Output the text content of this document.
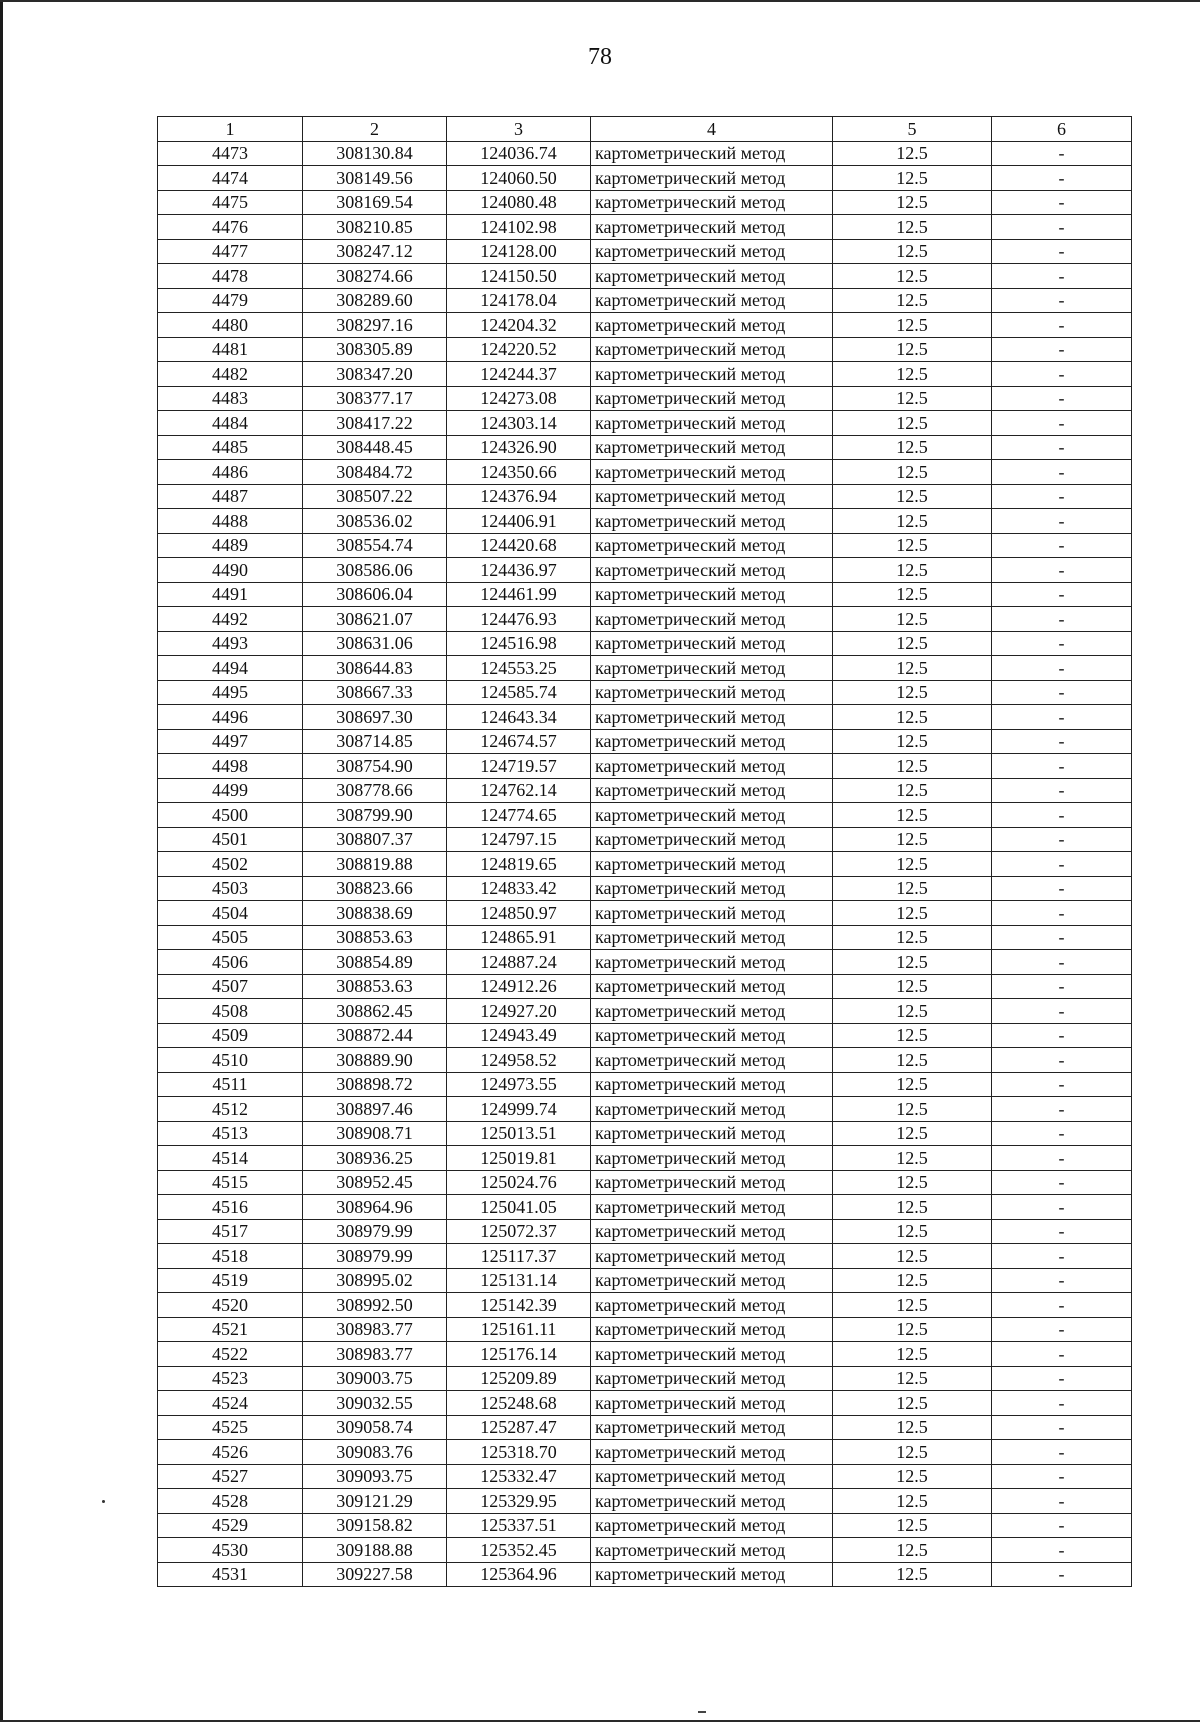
78
1	2	3	4	5	6
4473	308130.84	124036.74	картометрический метод	12.5	-
4474	308149.56	124060.50	картометрический метод	12.5	-
4475	308169.54	124080.48	картометрический метод	12.5	-
4476	308210.85	124102.98	картометрический метод	12.5	-
4477	308247.12	124128.00	картометрический метод	12.5	-
4478	308274.66	124150.50	картометрический метод	12.5	-
4479	308289.60	124178.04	картометрический метод	12.5	-
4480	308297.16	124204.32	картометрический метод	12.5	-
4481	308305.89	124220.52	картометрический метод	12.5	-
4482	308347.20	124244.37	картометрический метод	12.5	-
4483	308377.17	124273.08	картометрический метод	12.5	-
4484	308417.22	124303.14	картометрический метод	12.5	-
4485	308448.45	124326.90	картометрический метод	12.5	-
4486	308484.72	124350.66	картометрический метод	12.5	-
4487	308507.22	124376.94	картометрический метод	12.5	-
4488	308536.02	124406.91	картометрический метод	12.5	-
4489	308554.74	124420.68	картометрический метод	12.5	-
4490	308586.06	124436.97	картометрический метод	12.5	-
4491	308606.04	124461.99	картометрический метод	12.5	-
4492	308621.07	124476.93	картометрический метод	12.5	-
4493	308631.06	124516.98	картометрический метод	12.5	-
4494	308644.83	124553.25	картометрический метод	12.5	-
4495	308667.33	124585.74	картометрический метод	12.5	-
4496	308697.30	124643.34	картометрический метод	12.5	-
4497	308714.85	124674.57	картометрический метод	12.5	-
4498	308754.90	124719.57	картометрический метод	12.5	-
4499	308778.66	124762.14	картометрический метод	12.5	-
4500	308799.90	124774.65	картометрический метод	12.5	-
4501	308807.37	124797.15	картометрический метод	12.5	-
4502	308819.88	124819.65	картометрический метод	12.5	-
4503	308823.66	124833.42	картометрический метод	12.5	-
4504	308838.69	124850.97	картометрический метод	12.5	-
4505	308853.63	124865.91	картометрический метод	12.5	-
4506	308854.89	124887.24	картометрический метод	12.5	-
4507	308853.63	124912.26	картометрический метод	12.5	-
4508	308862.45	124927.20	картометрический метод	12.5	-
4509	308872.44	124943.49	картометрический метод	12.5	-
4510	308889.90	124958.52	картометрический метод	12.5	-
4511	308898.72	124973.55	картометрический метод	12.5	-
4512	308897.46	124999.74	картометрический метод	12.5	-
4513	308908.71	125013.51	картометрический метод	12.5	-
4514	308936.25	125019.81	картометрический метод	12.5	-
4515	308952.45	125024.76	картометрический метод	12.5	-
4516	308964.96	125041.05	картометрический метод	12.5	-
4517	308979.99	125072.37	картометрический метод	12.5	-
4518	308979.99	125117.37	картометрический метод	12.5	-
4519	308995.02	125131.14	картометрический метод	12.5	-
4520	308992.50	125142.39	картометрический метод	12.5	-
4521	308983.77	125161.11	картометрический метод	12.5	-
4522	308983.77	125176.14	картометрический метод	12.5	-
4523	309003.75	125209.89	картометрический метод	12.5	-
4524	309032.55	125248.68	картометрический метод	12.5	-
4525	309058.74	125287.47	картометрический метод	12.5	-
4526	309083.76	125318.70	картометрический метод	12.5	-
4527	309093.75	125332.47	картометрический метод	12.5	-
4528	309121.29	125329.95	картометрический метод	12.5	-
4529	309158.82	125337.51	картометрический метод	12.5	-
4530	309188.88	125352.45	картометрический метод	12.5	-
4531	309227.58	125364.96	картометрический метод	12.5	-
